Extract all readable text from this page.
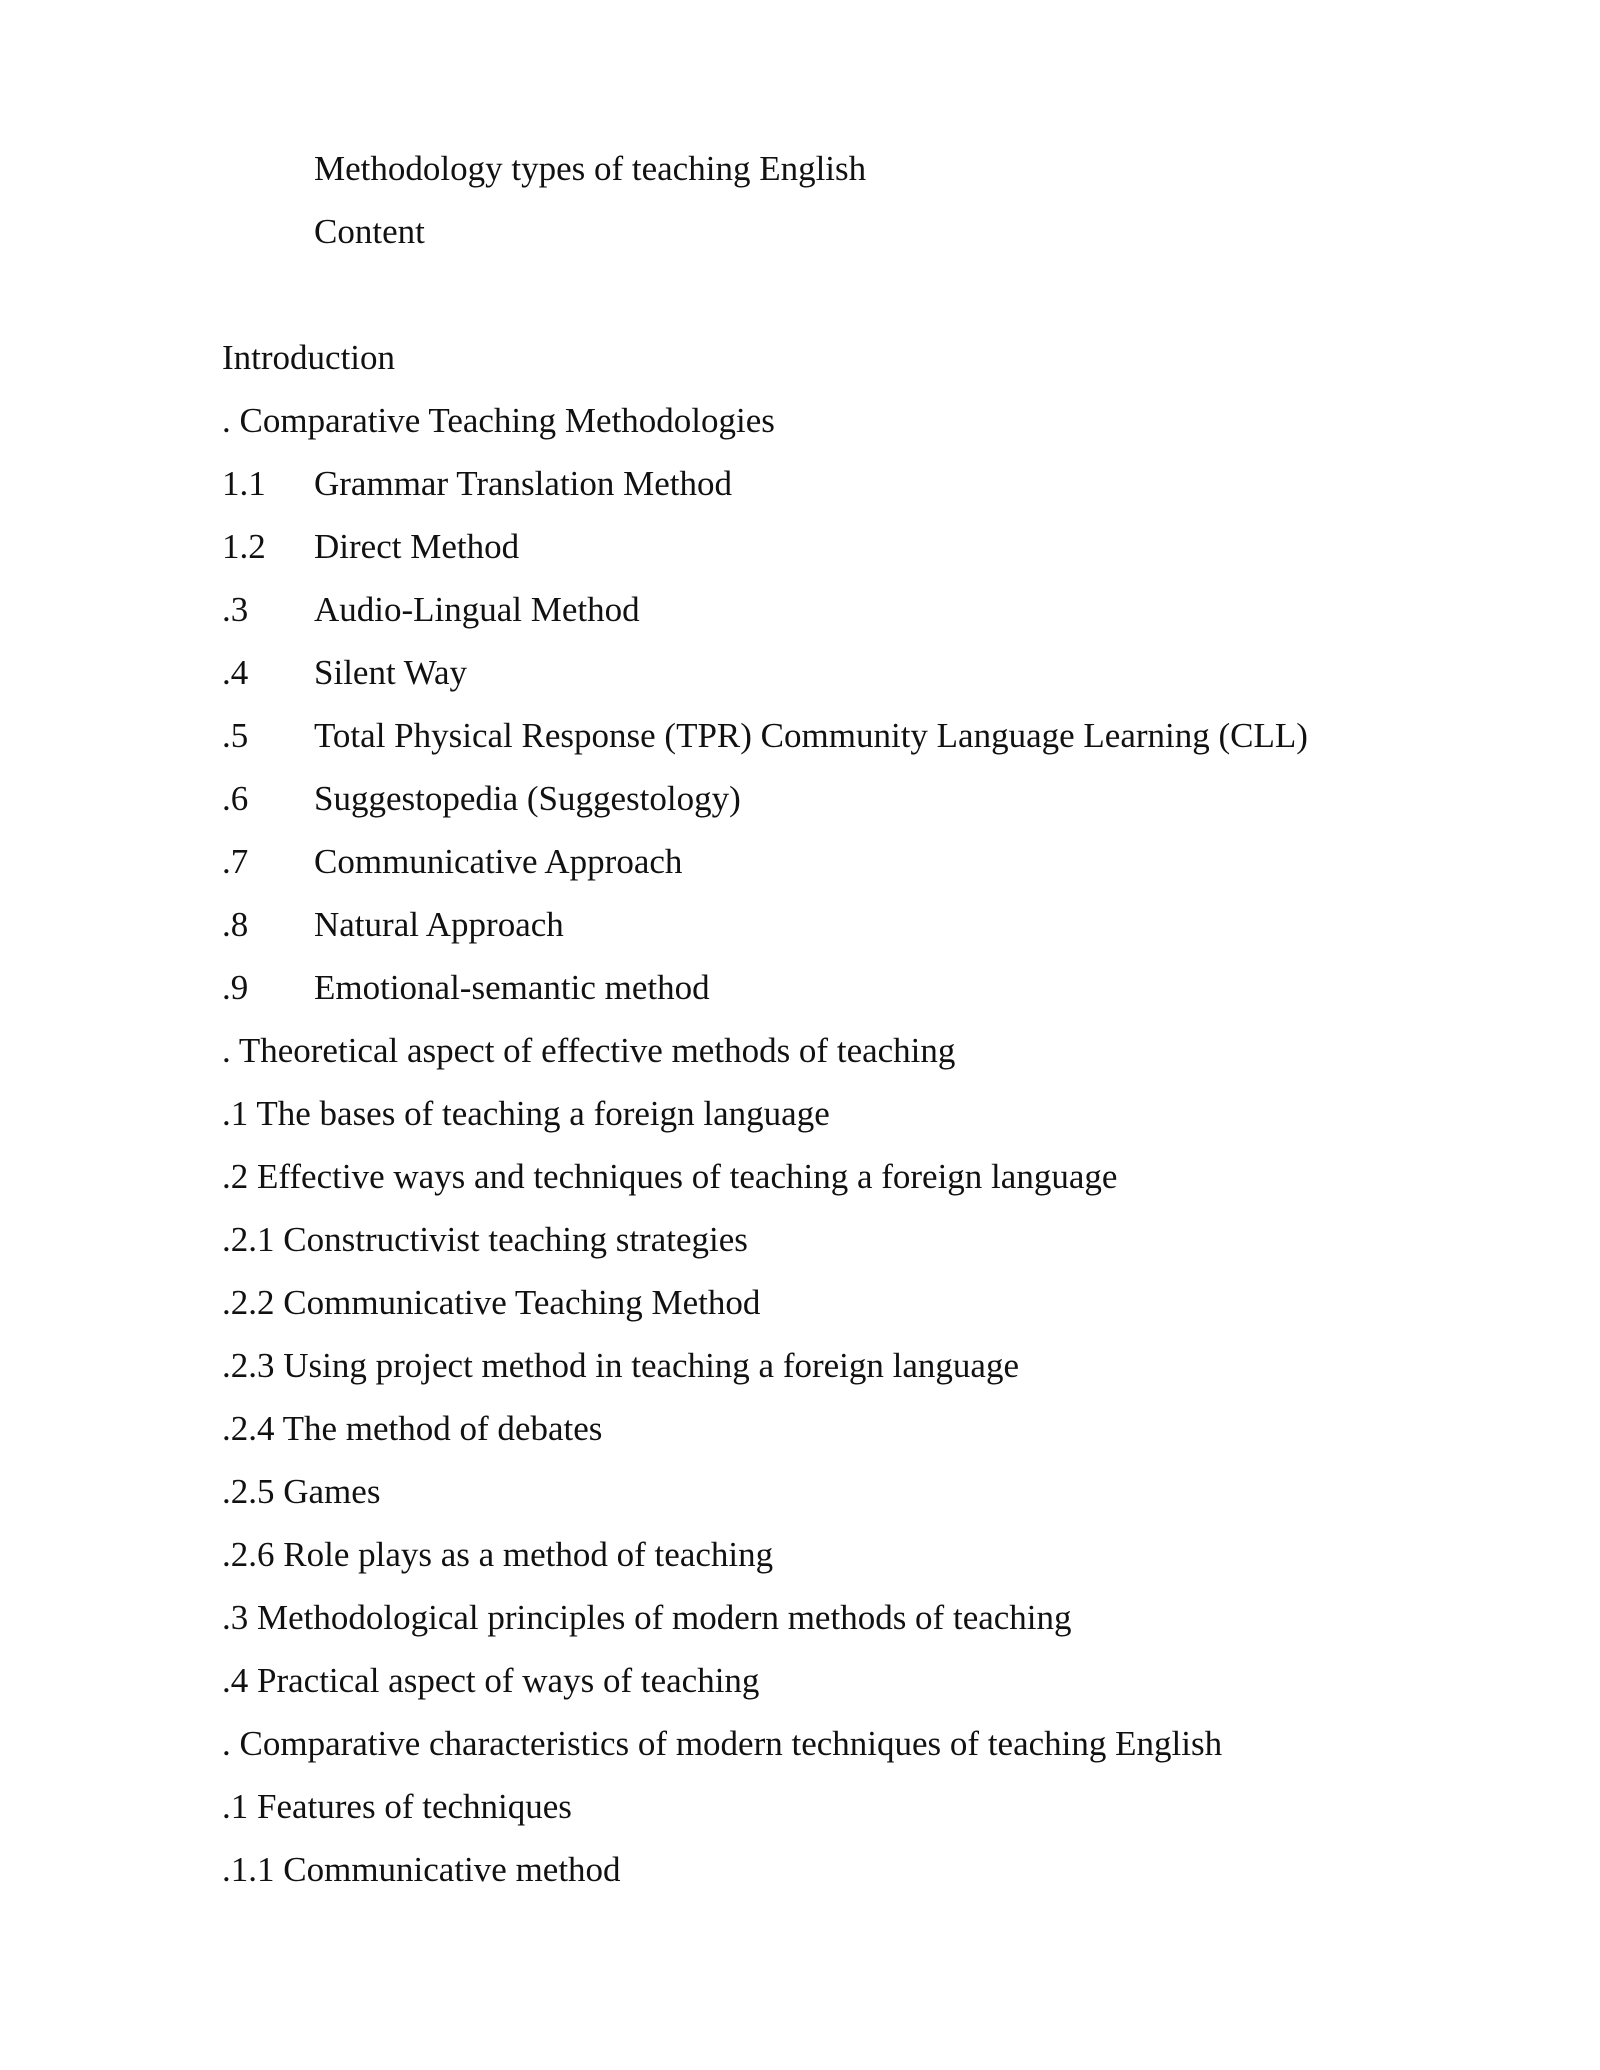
Methodology types of teaching English
Content
Introduction
. Comparative Teaching Methodologies
1.1 Grammar Translation Method
1.2 Direct Method
.3 Audio-Lingual Method
.4 Silent Way
.5 Total Physical Response (TPR) Community Language Learning (CLL)
.6 Suggestopedia (Suggestology)
.7 Communicative Approach
.8 Natural Approach
.9 Emotional-semantic method
. Theoretical aspect of effective methods of teaching
.1 The bases of teaching a foreign language
.2 Effective ways and techniques of teaching a foreign language
.2.1 Constructivist teaching strategies
.2.2 Communicative Teaching Method
.2.3 Using project method in teaching a foreign language
.2.4 The method of debates
.2.5 Games
.2.6 Role plays as a method of teaching
.3 Methodological principles of modern methods of teaching
.4 Practical aspect of ways of teaching
. Comparative characteristics of modern techniques of teaching English
.1 Features of techniques
.1.1 Communicative method
